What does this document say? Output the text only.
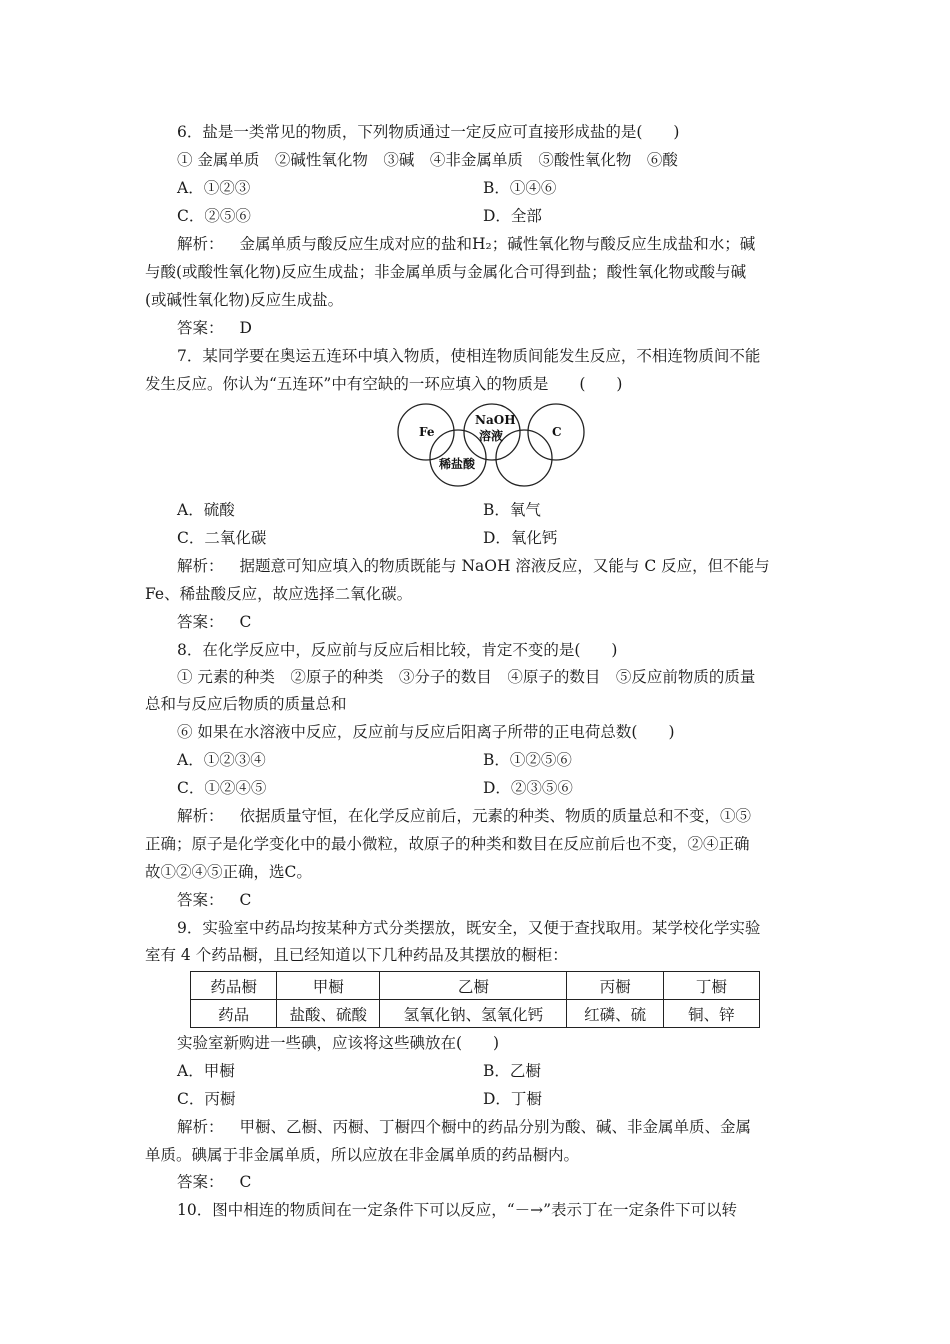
6．盐是一类常见的物质，下列物质通过一定反应可直接形成盐的是(　　)
① 金属单质　②碱性氧化物　③碱　④非金属单质　⑤酸性氧化物　⑥酸
A．①②③	B．①④⑥
C．②⑤⑥	D．全部
解析： 金属单质与酸反应生成对应的盐和H₂；碱性氧化物与酸反应生成盐和水；碱
与酸(或酸性氧化物)反应生成盐；非金属单质与金属化合可得到盐；酸性氧化物或酸与碱
(或碱性氧化物)反应生成盐。
答案： D
7．某同学要在奥运五连环中填入物质，使相连物质间能发生反应，不相连物质间不能
发生反应。你认为“五连环”中有空缺的一环应填入的物质是　　(　　)
Fe
NaOH
溶液	C
稀盐酸
A．硫酸	B．氧气
C．二氧化碳	D．氧化钙
解析： 据题意可知应填入的物质既能与 NaOH 溶液反应，又能与 C 反应，但不能与
Fe、稀盐酸反应，故应选择二氧化碳。
答案： C
8．在化学反应中，反应前与反应后相比较，肯定不变的是(　　)
① 元素的种类　②原子的种类　③分子的数目　④原子的数目　⑤反应前物质的质量
总和与反应后物质的质量总和
⑥ 如果在水溶液中反应，反应前与反应后阳离子所带的正电荷总数(　　)
A．①②③④	B．①②⑤⑥
C．①②④⑤	D．②③⑤⑥
解析： 依据质量守恒，在化学反应前后，元素的种类、物质的质量总和不变，①⑤
正确；原子是化学变化中的最小微粒，故原子的种类和数目在反应前后也不变，②④正确
故①②④⑤正确，选C。
答案： C
9．实验室中药品均按某种方式分类摆放，既安全，又便于查找取用。某学校化学实验
室有 4 个药品橱，且已经知道以下几种药品及其摆放的橱柜：
药品橱	甲橱	乙橱	丙橱	丁橱
药品	盐酸、硫酸	氢氧化钠、氢氧化钙	红磷、硫	铜、锌
实验室新购进一些碘，应该将这些碘放在(　　)
A．甲橱	B．乙橱
C．丙橱	D．丁橱
解析： 甲橱、乙橱、丙橱、丁橱四个橱中的药品分别为酸、碱、非金属单质、金属
单质。碘属于非金属单质，所以应放在非金属单质的药品橱内。
答案： C
10．图中相连的物质间在一定条件下可以反应，“－→”表示丁在一定条件下可以转
